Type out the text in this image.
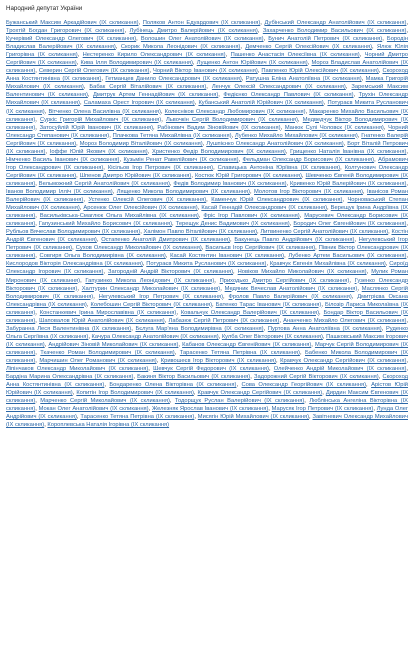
Народний депутат України
Бужанський Максим Аркадійович (IX скликання), Поляков Антон Едуардович (IX скликання), Дубінський Олександр Анатолійович (IX скликання), Трохтій Богдан Григорович (IX скликання), Лубінець Дмитро Валерійович (IX скликання), Захарченко Володимир Васильович (IX скликання), Кучерівий Олександр Олегович (IX скликання), Волошин Олег Анатолійович (IX скликання), Бунич Анатолій Петрович (IX скликання), Бородін Владислав Валерійович (IX скликання), Скорик Микола Леонідович (IX скликання), Демченко Сергій Олексійович (IX скликання), Ялюк Юлія Григорівна (IX скликання), Нестеренко Кирило Олександрович (IX скликання), Пашенко Анастасія Олексіївна (IX скликання), Чорний Дмитро Сергійович (IX скликання), Кива Ілля Володимирович (IX скликання), Лущенко Антон Юрійович (IX скликання), Мороз Владислав Анатолійович (IX скликання), Северин Сергій Олегович (IX скликання), Чорний Віктор Іванович (IX скликання), Павленко Юрій Олексійович (IX скликання), Скороход Анна Костянтинівна (IX скликання), Гетманцев Данило Олександрович (IX скликання), Ратушна Еліна Анатоліївна (IX скликання), Мамка Григорій Михайлович (IX скликання), Бабак Сергій Віталійович (IX скликання), Ленчук Олексій Олександрович (IX скликання), Заремський Максим Валентинович (IX скликання), Дмитрук Артем Геннадійович (IX скликання), Федієнко Олександр Павлович (IX скликання), Трухін Олександр Михайлович (IX скликання), Саламаха Орест Ігорович (IX скликання), Кубанський Анатолій Юрійович (IX скликання), Потураєв Микита Русланович (IX скликання), Вітченко Олена Василівна (IX скликання), Колесніков Олександр Любомирович (IX скликання), Макаренко Михайло Васильович (IX скликання), Суркіс Григорій Михайлович (IX скликання), Львочкін Сергій Володимирович (IX скликання), Медведчук Віктор Володимирович (IX скликання), Затосуйлій Юрій Іванович (IX скликання), Рабінович Вадим Зіновійович (IX скликання), Манюк Сулі Чоловєк (IX скликання), Чорний Олександр Степанович (IX скликання), Плачкова Тетяна Михайлівна (IX скликання), Лубенко Михайло Михайлович (IX скликання), Гнатенко Валерій Сергійович (IX скликання), Мороз Володимир Віталійович (IX скликання), Лушпієнко Олександр Анатолійович (IX скликання), Борт Віталій Петрович (IX скликання), Іоффе Юлій Якович (IX скликання), Христенко Федір Володимирович (IX скликання), Грищенко Наталія Іванівна (IX скликання), Німченко Василь Іванович (IX скликання), Кузьмін Ренат Равелійович (IX скликання), Фельдман Олександр Борисович (IX скликання), Абрамович Ігор Олександрович (IX скликання), Кісільов Ігор Петрович (IX скликання), Славицька Антоніна Юріївна (IX скликання), Колтунович Олександр Сергійович (IX скликання), Шпенов Дмитро Юрійович (IX скликання), Костюк Юрій Григорович (IX скликання), Шевченко Євгеній Володимирович (IX скликання), Вельможний Сергій Анатолійович (IX скликання), Федів Володимир Іванович (IX скликання), Кривенко Юрій Валерійович (IX скликання), Іванов Володимир Ілліч (IX скликання), Лященко Микола Володимирович (IX скликання), Молотов Ігор Вікторович (IX скликання), Іванісов Роман Валерійович (IX скликання), Устенко Олексій Олегович (IX скликання), Каменчук Юрій Олександрович (IX скликання), Чорноваський Степан Михайлович (IX скликання), Арсенюк Олег Олексійович (IX скликання), Касай Геннадій Олександрович (IX скликання), Верещук Ірина Андріївна (IX скликання), Васильківська-Смаглюк Ольга Михайлівна (IX скликання), Фріс Ігор Павлович (IX скликання), Марусевич Олександр Борисович (IX скликання), Гапузинський Михайло Борисович (IX скликання), Терещук Денис Вадимович (IX скликання), Бородич Олег Євгенійович (IX скликання), Рубльов Вячеслав Володимирович (IX скликання), Халімон Павло Віталійович (IX скликання), Литвиненко Сергій Анатолійович (IX скликання), Костін Андрій Євгенович (IX скликання), Остапенко Анатолій Дмитрович (IX скликання), Бакунець Павло Андрійович (IX скликання), Негулевський Ігор Петрович (IX скликання), Сухов Олександр Миколайович (IX скликання), Васильєв Ігор Сергійович (IX скликання), Півник Віктор Олександрович (IX скликання), Совгиря Ольга Володимирівна (IX скликання), Касай Костянтин Іванович (IX скликання), Лубенко Артем Васильович (IX скликання), Кислородов Вікторія Олександрівна (IX скликання), Потураєв Микита Русланович (IX скликання), Кравчук Євгенія Михайлівна (IX скликання), Сироїд Олександр Ігорович (IX скликання), Загородній Андрій Вікторович (IX скликання), Новіков Михайло Миколайович (IX скликання), Мулик Роман Миронович (IX скликання), Гапузинко Микола Леонідович (IX скликання), Приходько Дмитро Сергійович (IX скликання), Гузенко Олександр Вікторович (IX скликання), Халтурин Олександр Миколайович (IX скликання), Медяник Вячеслав Анатолійович (IX скликання), Маслянко Сергій Володимирович (IX скликання), Негулевський Ігор Петрович (IX скликання), Фролов Павло Валерійович (IX скликання), Дмитрієва Оксана Олександрівна (IX скликання), Колебошин Сергій Вікторович (IX скликання), Батенко Тарас Іванович (IX скликання), Білозір Лариса Миколаївна (IX скликання), Констанкевич Ірина Мирославівна (IX скликання), Ковальчук Олександр Валерійович (IX скликання), Бондар Віктор Васильович (IX скликання), Шаповалов Юрій Анатолійович (IX скликання), Лабазюк Сергій Петрович (IX скликання), Ананченко Михайло Олегович (IX скликання), Забуранна Леся Валентинівна (IX скликання), Бєлуга Мар'яна Володимирівна (IX скликання), Пуртова Анна Анатоліївна (IX скликання), Руденко Ольга Сергіївна (IX скликання), Качура Олександр Анатолійович (IX скликання), Кулба Олег Вікторович (IX скликання), Пашковський Максим Ігорович (IX скликання), Андрійович Зіновій Миколайович (IX скликання), Кабанов Олександр Євгенійович (IX скликання), Марчук Сергій Володимирович (IX скликання), Ткаченко Роман Володимирович (IX скликання), Тарасенко Тетяна Петрівна (IX скликання), Бабенко Микола Володимирович (IX скликання), Марчишин Олег Романович (IX скликання), Кривошеєв Ігор Вікторович (IX скликання), Кравчук Олександр Сергійович (IX скликання), Ліпінчаков Олександр Миколайович (IX скликання), Шевчук Сергій Федорович (IX скликання), Олейченко Андрій Миколайович (IX скликання), Бардіна Марина Олександрівна (IX скликання), Бакиня Віктор Васильович (IX скликання), Задорожний Сергій Вікторович (IX скликання), Скороход Анна Костянтинівна (IX скликання), Бондаренко Олена Вікторівна (IX скликання), Сова Олександр Георгійович (IX скликання), Арістов Юрій Юрійович (IX скликання), Копитін Ігор Володимирович (IX скликання), Кравчук Олександр Сергійович (IX скликання), Дирдин Максим Євгенович (IX скликання), Марченко Сергій Миколайович (IX скликання), Тодорщук Руслан Валерійович (IX скликання), Люблінська Ангеліна Вікторівна (IX скликання), Мокан Олег Анатолійович (IX скликання), Железняк Ярослав Іванович (IX скликання), Марусяк Ігор Петрович (IX скликання), Лунда Олег Андрійович (IX скликання), Тарасенко Тетяна Петрівна (IX скликання), Мисягін Юрій Михайлович (IX скликання), Завітневич Олександр Михайлович (IX скликання), Короплевська Наталія Ігорівна (IX скликання)
